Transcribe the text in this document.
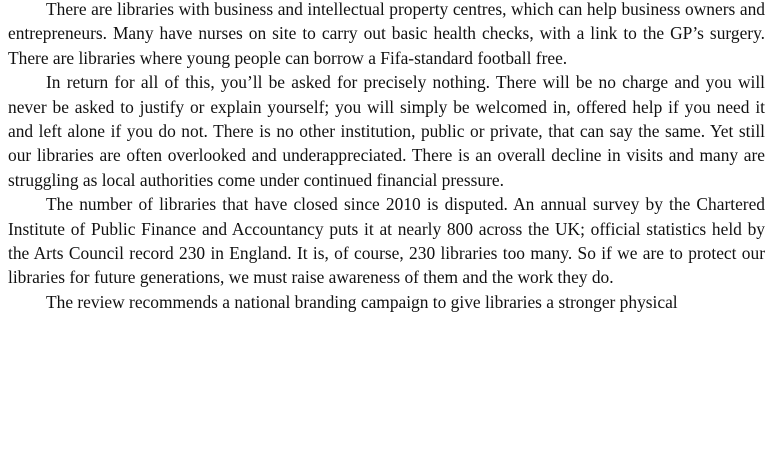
There are libraries with business and intellectual property centres, which can help business owners and entrepreneurs. Many have nurses on site to carry out basic health checks, with a link to the GP’s surgery. There are libraries where young people can borrow a Fifa-standard football free.

In return for all of this, you’ll be asked for precisely nothing. There will be no charge and you will never be asked to justify or explain yourself; you will simply be welcomed in, offered help if you need it and left alone if you do not. There is no other institution, public or private, that can say the same. Yet still our libraries are often overlooked and underappreciated. There is an overall decline in visits and many are struggling as local authorities come under continued financial pressure.

The number of libraries that have closed since 2010 is disputed. An annual survey by the Chartered Institute of Public Finance and Accountancy puts it at nearly 800 across the UK; official statistics held by the Arts Council record 230 in England. It is, of course, 230 libraries too many. So if we are to protect our libraries for future generations, we must raise awareness of them and the work they do.

The review recommends a national branding campaign to give libraries a stronger physical
